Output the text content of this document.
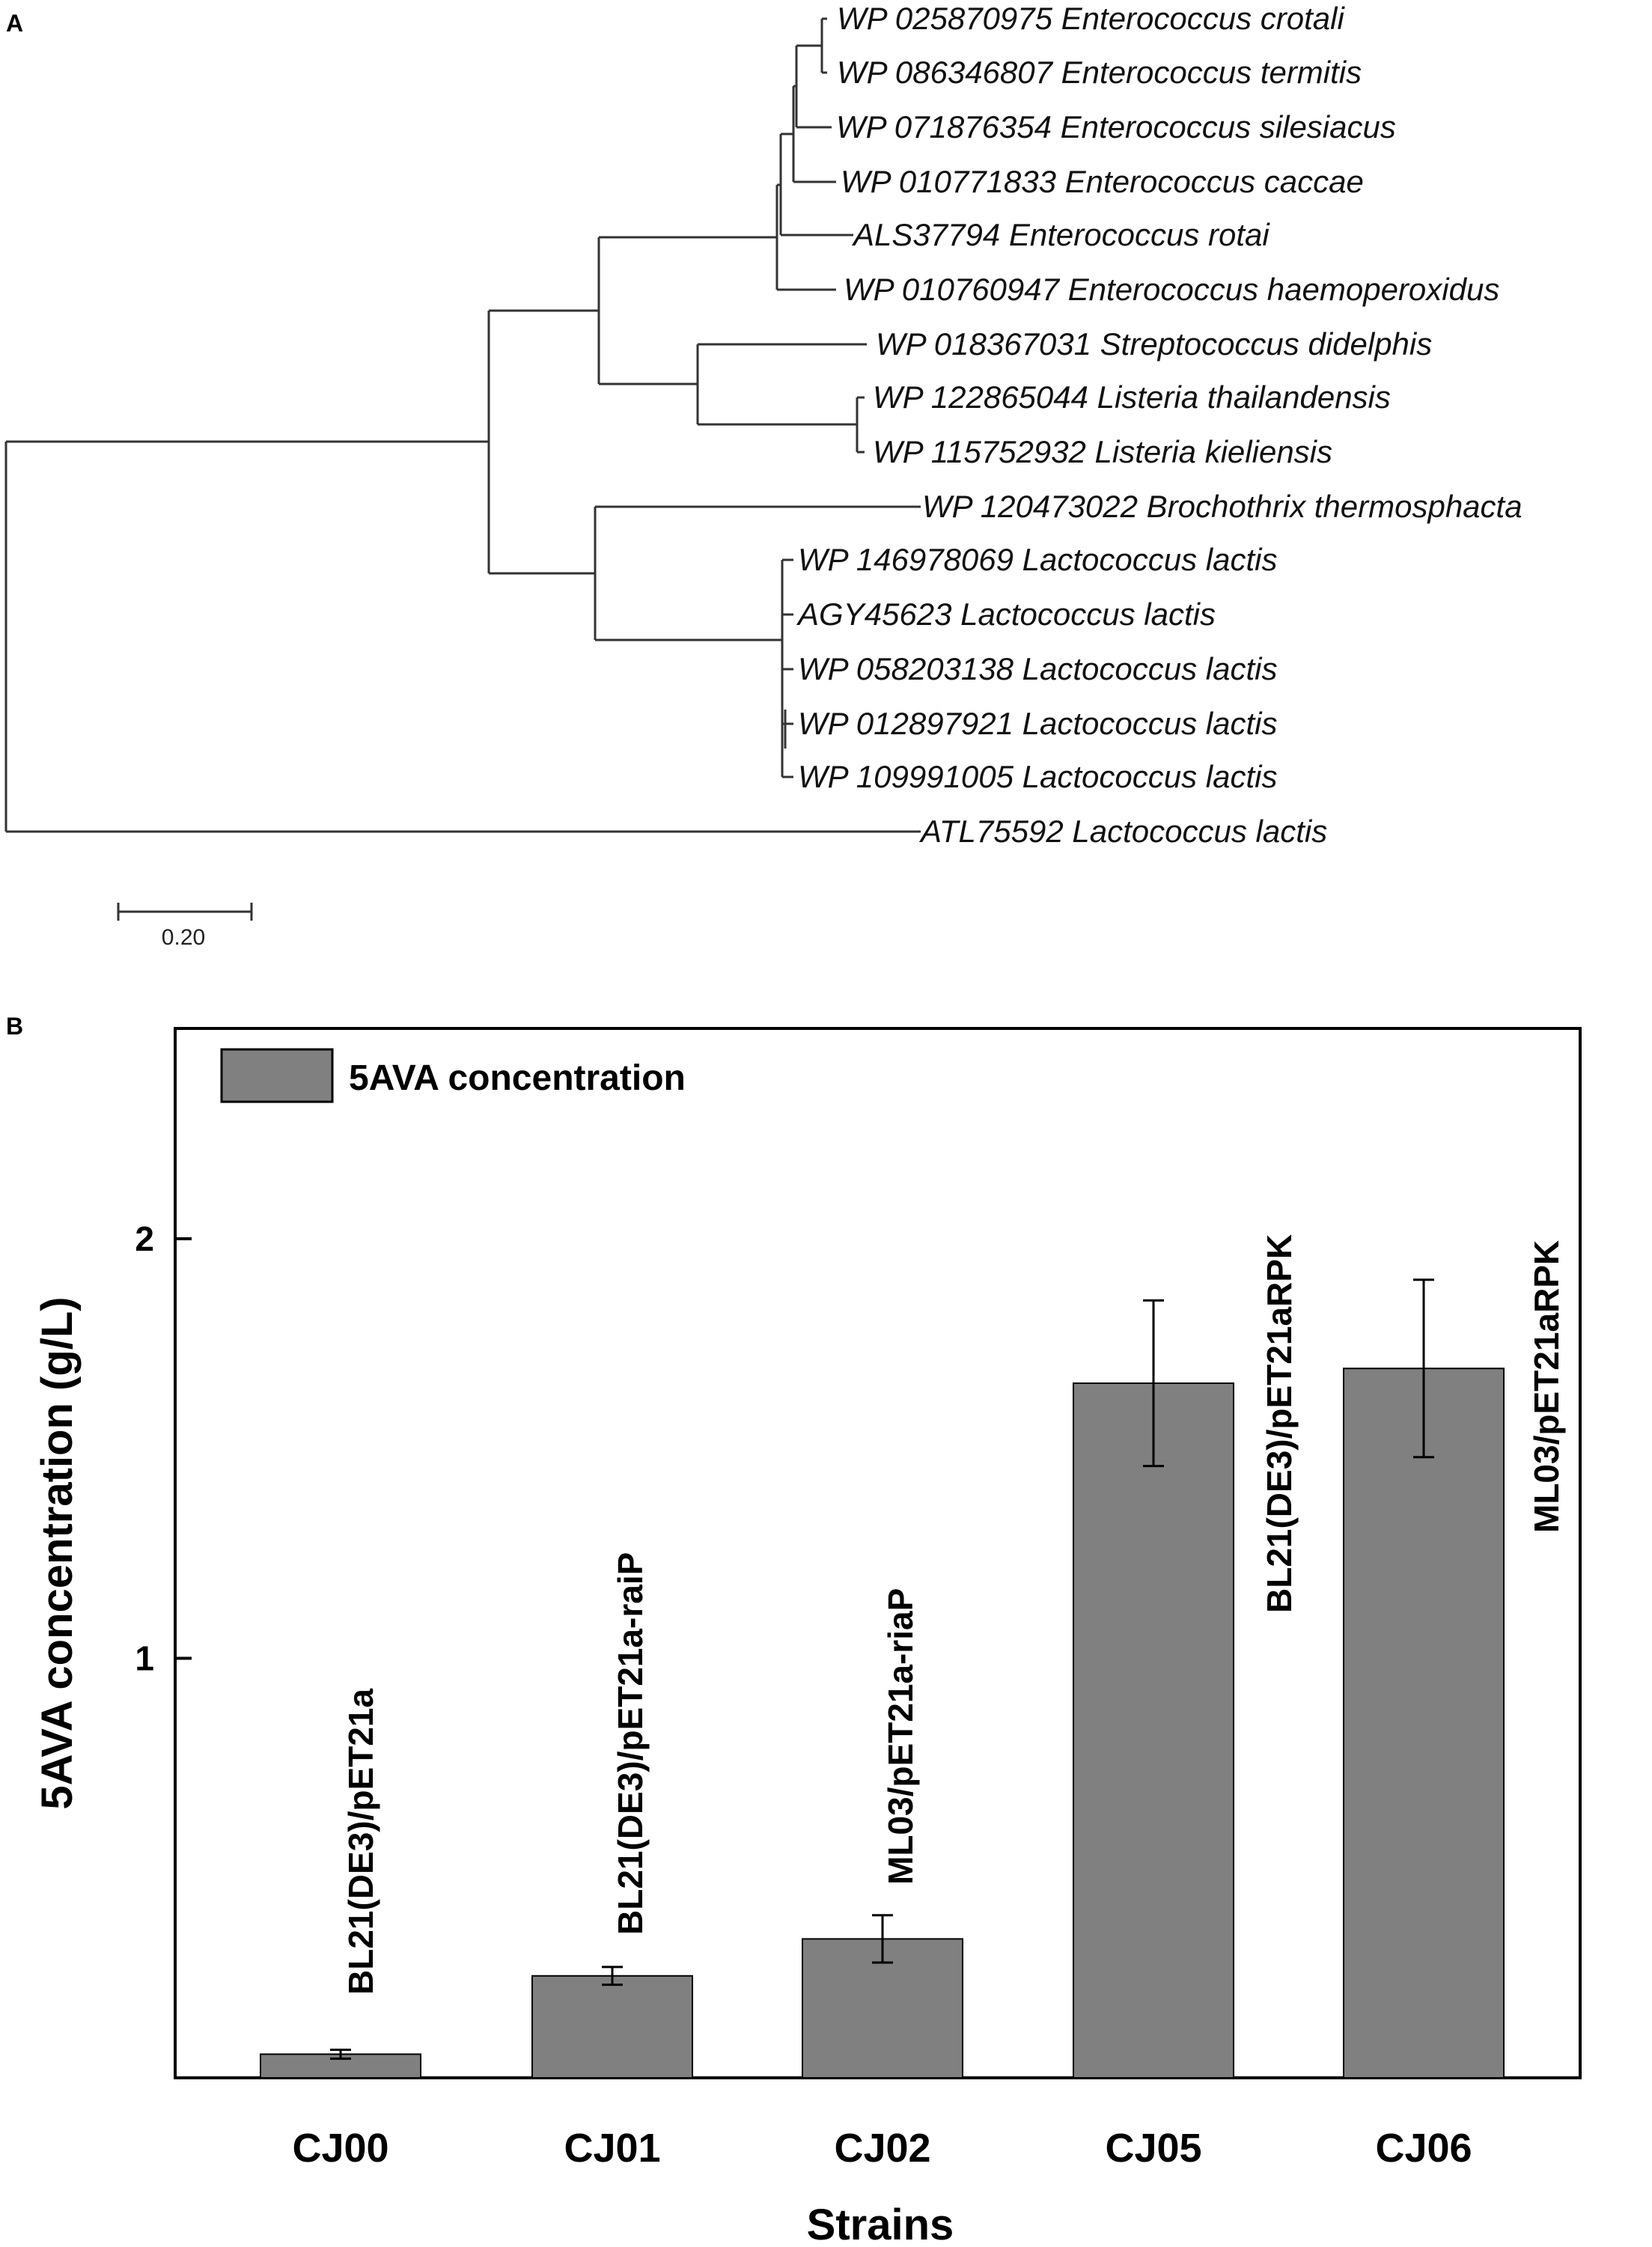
A	WP 025870975 Enterococcus crotali
WP 086346807 Enterococcus termitis
WP 071876354 Enterococcus silesiacus
WP 010771833 Enterococcus caccae
ALS37794 Enterococcus rotai
WP 010760947 Enterococcus haemoperoxidus
WP 018367031 Streptococcus didelphis
WP 122865044 Listeria thailandensis
WP 115752932 Listeria kieliensis
WP 120473022 Brochothrix thermosphacta
WP 146978069 Lactococcus lactis
AGY45623 Lactococcus lactis
WP 058203138 Lactococcus lactis
WP 012897921 Lactococcus lactis
WP 109991005 Lactococcus lactis
ATL75592 Lactococcus lactis
0.20
B
1
2
CJ00	CJ01	CJ02	CJ05	CJ06
BL21(DE3)/pET21a	BL21(DE3)/pET21a-raiP	ML03/pET21a-riaP
BL21(DE3)/pET21aRPK	ML03/pET21aRPK
5AVA concentration
Strains
5AVA concentration (g/L)
